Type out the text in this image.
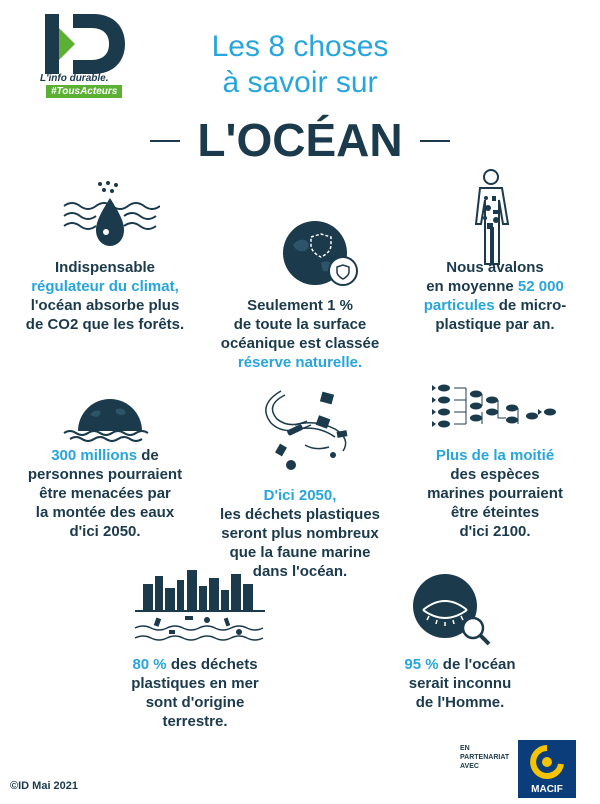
L'info durable.
#TousActeurs
Les 8 choses
à savoir sur
L'OCÉAN
Indispensable
régulateur du climat,
l'océan absorbe plus
de CO2 que les forêts.
Seulement 1 %
de toute la surface
océanique est classée
réserve naturelle.
Nous avalons
en moyenne 52 000
particules de micro-
plastique par an.
300 millions de
personnes pourraient
être menacées par
la montée des eaux
d'ici 2050.
D'ici 2050,
les déchets plastiques
seront plus nombreux
que la faune marine
dans l'océan.
Plus de la moitié
des espèces
marines pourraient
être éteintes
d'ici 2100.
80 % des déchets
plastiques en mer
sont d'origine
terrestre.
95 % de l'océan
serait inconnu
de l'Homme.
©ID Mai 2021
EN
PARTENARIAT
AVEC
MACIF
